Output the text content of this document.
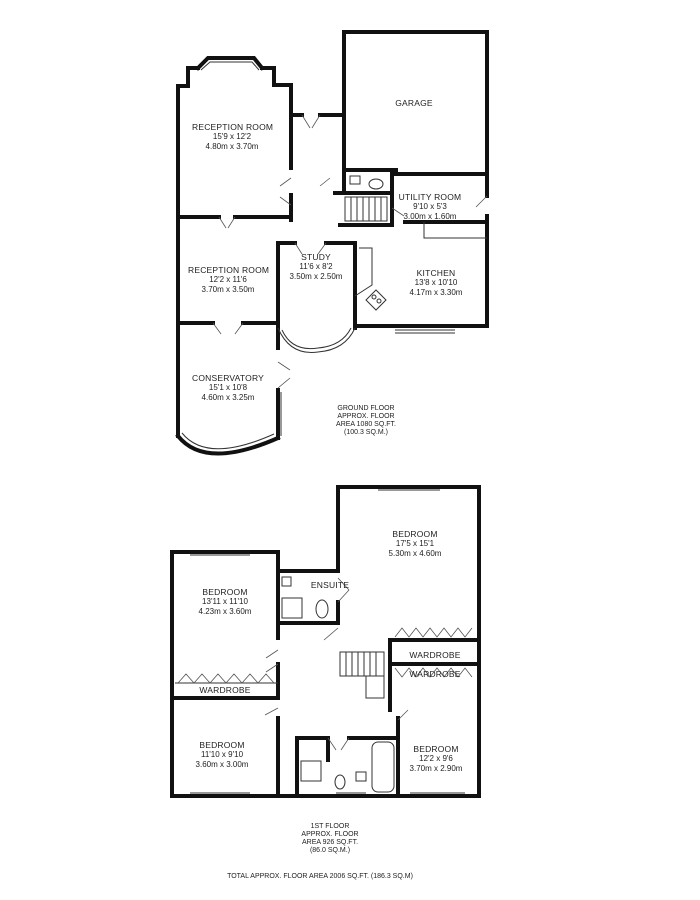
RECEPTION ROOM
15'9 x 12'2
4.80m x 3.70m
GARAGE
UTILITY ROOM
9'10 x 5'3
3.00m x 1.60m
RECEPTION ROOM
12'2 x 11'6
3.70m x 3.50m
STUDY
11'6 x 8'2
3.50m x 2.50m	KITCHEN
13'8 x 10'10
4.17m x 3.30m
CONSERVATORY
15'1 x 10'8
4.60m x 3.25m
GROUND FLOOR
APPROX. FLOOR
AREA 1080 SQ.FT.
(100.3 SQ.M.)
BEDROOM
17'5 x 15'1
5.30m x 4.60m
ENSUITE
BEDROOM
13'11 x 11'10
4.23m x 3.60m
WARDROBE
WARDROBE
WARDROBE
BEDROOM
11'10 x 9'10
3.60m x 3.00m
BEDROOM
12'2 x 9'6
3.70m x 2.90m
1ST FLOOR
APPROX. FLOOR
AREA 926 SQ.FT.
(86.0 SQ.M.)
TOTAL APPROX. FLOOR AREA 2006 SQ.FT. (186.3 SQ.M)
